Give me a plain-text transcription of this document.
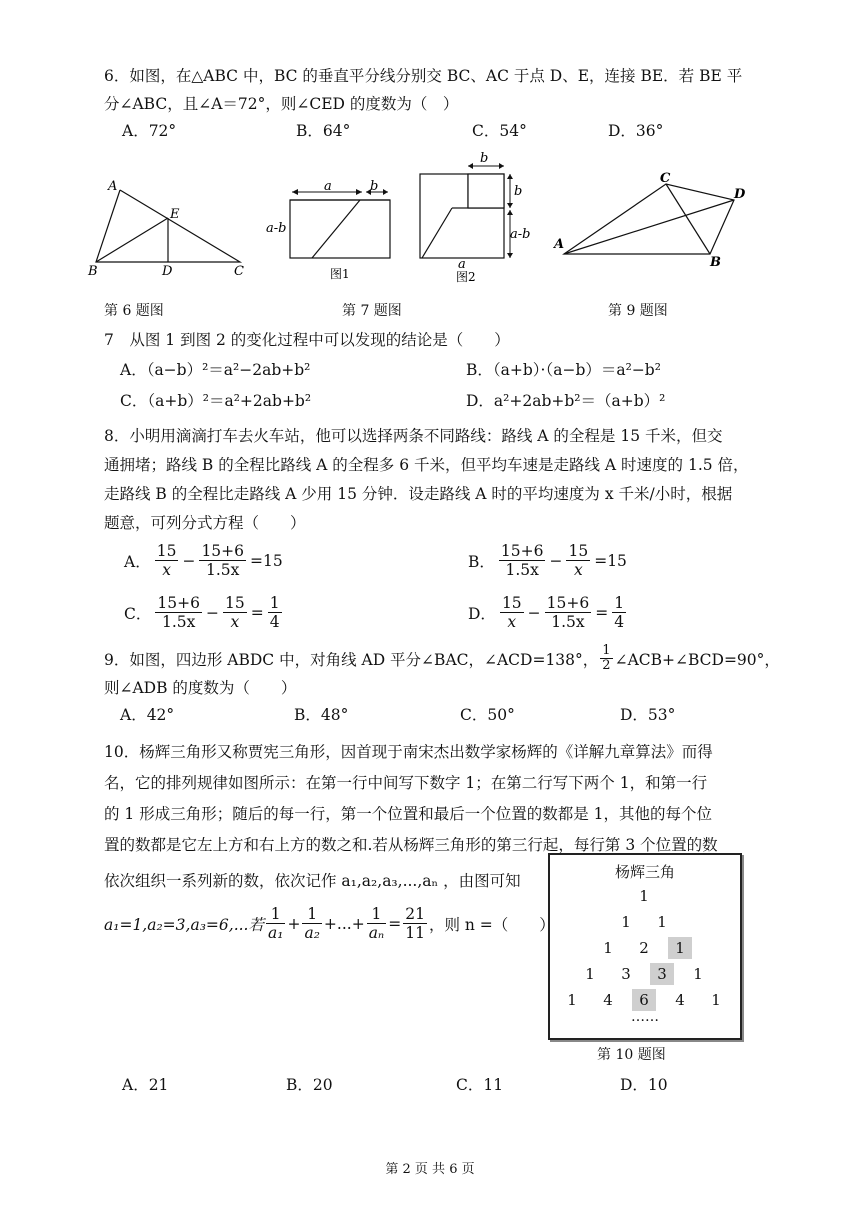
6．如图，在△ABC 中，BC 的垂直平分线分别交 BC、AC 于点 D、E，连接 BE．若 BE 平
分∠ABC，且∠A＝72°，则∠CED 的度数为（　）
A．72°	B．64°	C．54°	D．36°
A
E
B	D	C
a	b
a-b
图1
b
b
a-b
a
图2
C
D
A
B
第 6 题图	第 7 题图	第 9 题图
7　从图 1 到图 2 的变化过程中可以发现的结论是（　　）
A．（a−b）²＝a²−2ab+b²	B．（a+b）·（a−b）＝a²−b²
C．（a+b）²＝a²+2ab+b²	D．a²+2ab+b²＝（a+b）²
8．小明用滴滴打车去火车站，他可以选择两条不同路线：路线 A 的全程是 15 千米，但交
通拥堵；路线 B 的全程比路线 A 的全程多 6 千米，但平均车速是走路线 A 时速度的 1.5 倍，
走路线 B 的全程比走路线 A 少用 15 分钟．设走路线 A 时的平均速度为 x 千米/小时，根据
题意，可列分式方程（　　）
A． $\frac{15}{x} - \frac{15+6}{1.5x} =15$	B． $\frac{15+6}{1.5x} - \frac{15}{x} =15$
C． $\frac{15+6}{1.5x} - \frac{15}{x} = \frac{1}{4}$	D． $\frac{15}{x} - \frac{15+6}{1.5x} = \frac{1}{4}$
9．如图，四边形 ABDC 中，对角线 AD 平分∠BAC，∠ACD=138°， $\frac{1}{2}$ ∠ACB+∠BCD=90°，
则∠ADB 的度数为（　　）
A．42°	B．48°	C．50°	D．53°
10．杨辉三角形又称贾宪三角形，因首现于南宋杰出数学家杨辉的《详解九章算法》而得
名，它的排列规律如图所示：在第一行中间写下数字 1；在第二行写下两个 1，和第一行
的 1 形成三角形；随后的每一行，第一个位置和最后一个位置的数都是 1，其他的每个位
置的数都是它左上方和右上方的数之和.若从杨辉三角形的第三行起，每行第 3 个位置的数
依次组织一系列新的数，依次记作 a₁,a₂,a₃,...,aₙ ，由图可知
a₁=1,a₂=3,a₃=6,...若 $\frac{1}{\text{a₁}} + \frac{1}{\text{a₂}}$ +...+ $\frac{1}{\text{aₙ}} = \frac{21}{11}$ ，则 n =（　　）
杨辉三角
1
1	1
1	2	1
1	3	3	1
1	4	6	4	1
……
第 10 题图
A．21	B．20	C．11	D．10
第 2 页 共 6 页
